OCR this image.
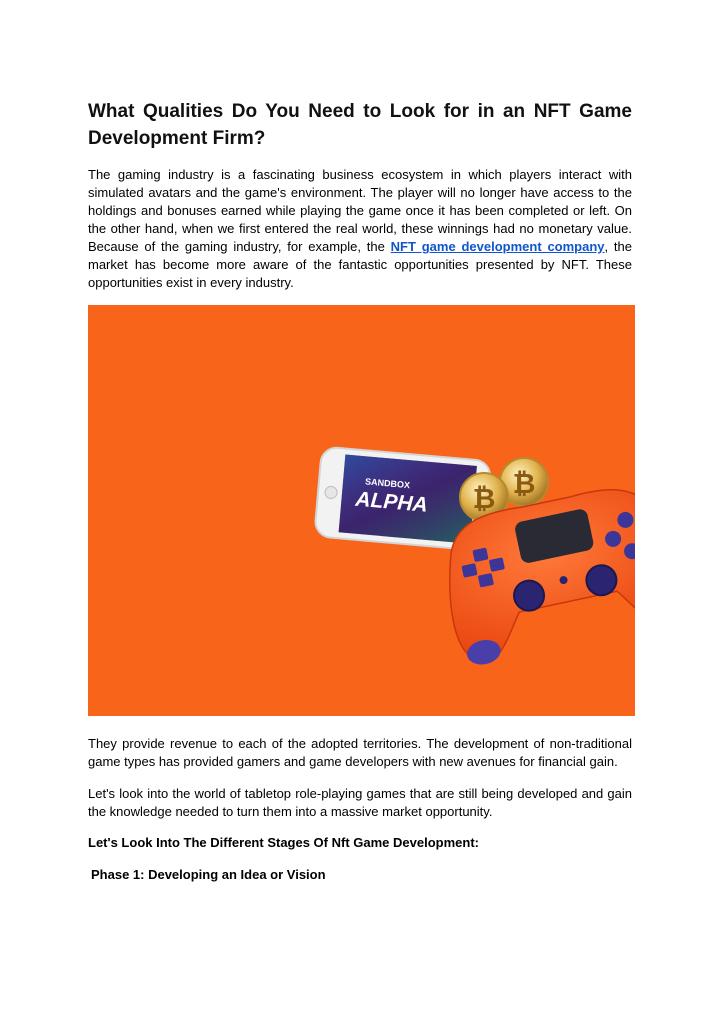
What Qualities Do You Need to Look for in an NFT Game Development Firm?

The gaming industry is a fascinating business ecosystem in which players interact with simulated avatars and the game's environment. The player will no longer have access to the holdings and bonuses earned while playing the game once it has been completed or left. On the other hand, when we first entered the real world, these winnings had no monetary value. Because of the gaming industry, for example, the NFT game development company, the market has become more aware of the fantastic opportunities presented by NFT. These opportunities exist in every industry.

They provide revenue to each of the adopted territories. The development of non-traditional game types has provided gamers and game developers with new avenues for financial gain.

Let's look into the world of tabletop role-playing games that are still being developed and gain the knowledge needed to turn them into a massive market opportunity.

Let's Look Into The Different Stages Of Nft Game Development:

Phase 1: Developing an Idea or Vision

SANDBOX
ALPHA
₿
₿
